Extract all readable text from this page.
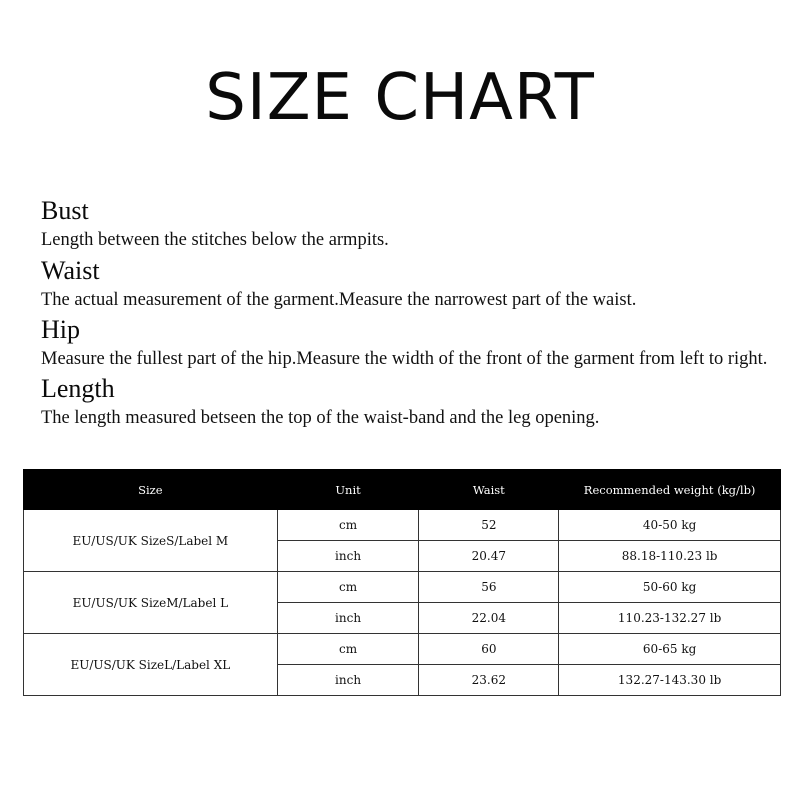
SIZE CHART

Bust

Length between the stitches below the armpits.

Waist

The actual measurement of the garment.Measure the narrowest part of the waist.

Hip

Measure the fullest part of the hip.Measure the width of the front of the garment from left to right.

Length

The length measured betseen the top of the waist-band and the leg opening.

Size	Unit	Waist	Recommended weight (kg/lb)
EU/US/UK SizeS/Label M	cm	52	40-50 kg
	inch	20.47	88.18-110.23 lb
EU/US/UK SizeM/Label L	cm	56	50-60 kg
	inch	22.04	110.23-132.27 lb
EU/US/UK SizeL/Label XL	cm	60	60-65 kg
	inch	23.62	132.27-143.30 lb
